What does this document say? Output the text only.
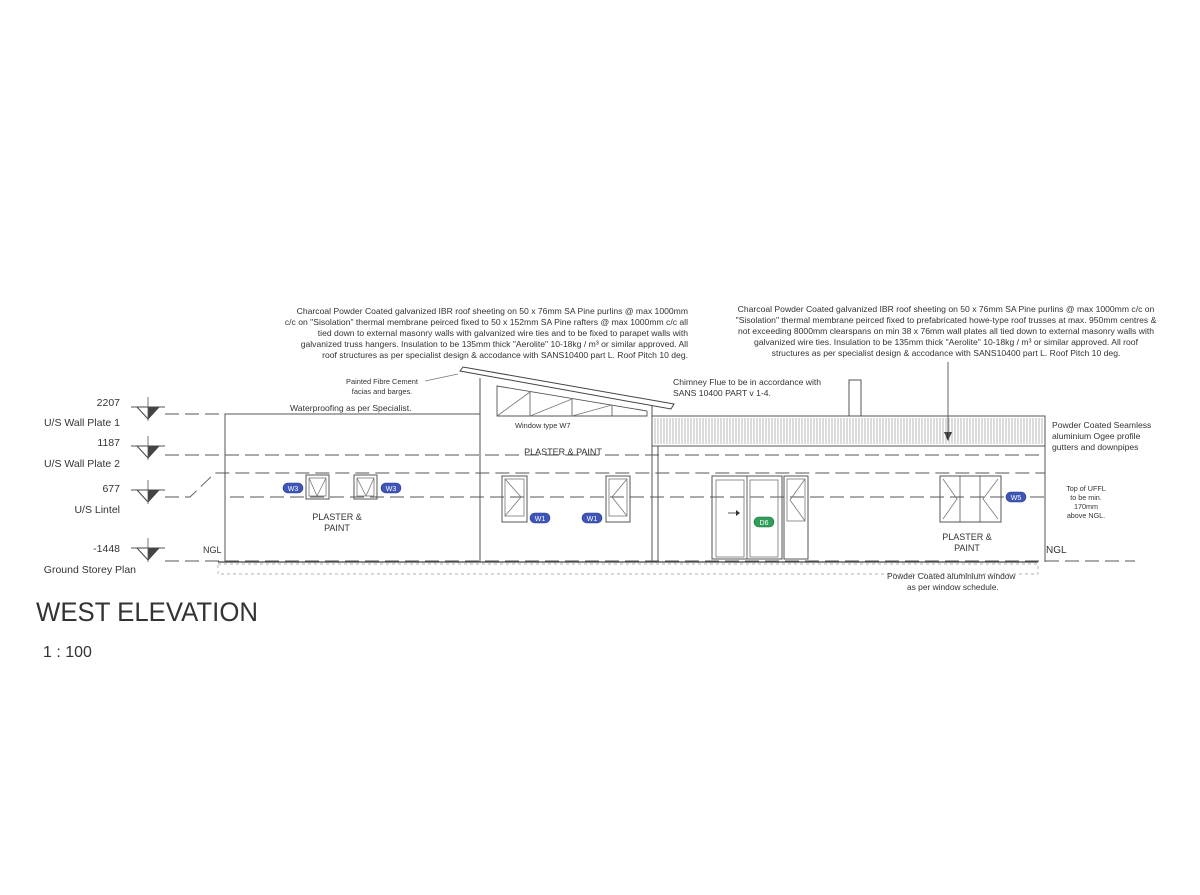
Charcoal Powder Coated galvanized IBR roof sheeting on 50 x 76mm SA Pine purlins @ max 1000mm
c/c on "Sisolation" thermal membrane peirced fixed to 50 x 152mm SA Pine rafters @ max 1000mm c/c all
tied down to external masonry walls with galvanized wire ties and to be fixed to parapet walls with
galvanized truss hangers. Insulation to be 135mm thick "Aerolite" 10-18kg / m³ or similar approved. All
roof structures as per specialist design & accodance with SANS10400 part L. Roof Pitch 10 deg.
Charcoal Powder Coated galvanized IBR roof sheeting on 50 x 76mm SA Pine purlins @ max 1000mm c/c on
"Sisolation" thermal membrane peirced fixed to prefabricated howe-type roof trusses at max. 950mm centres &
not exceeding 8000mm clearspans on min 38 x 76mm wall plates all tied down to external masonry walls with
galvanized wire ties. Insulation to be 135mm thick "Aerolite" 10-18kg / m³ or similar approved. All roof
structures as per specialist design & accodance with SANS10400 part L. Roof Pitch 10 deg.
Painted Fibre Cement
facias and barges.
Chimney Flue to be in accordance with
SANS 10400 PART v 1-4.
Powder Coated Seamless
aluminium Ogee profile
gutters and downpipes
Top of UFFL
to be min.
170mm
above NGL.
2207
U/S Wall Plate 1
1187
U/S Wall Plate 2
677
U/S Lintel
-1448
Ground Storey Plan
W3	W3
W1	W1
D6
W5
PLASTER &
PAINT
PLASTER & PAINT
PLASTER &
PAINT
Waterproofing as per Specialist.
Window type W7
NGL	NGL
Powder Coated aluminium window
as per window schedule.
WEST ELEVATION
1 : 100
